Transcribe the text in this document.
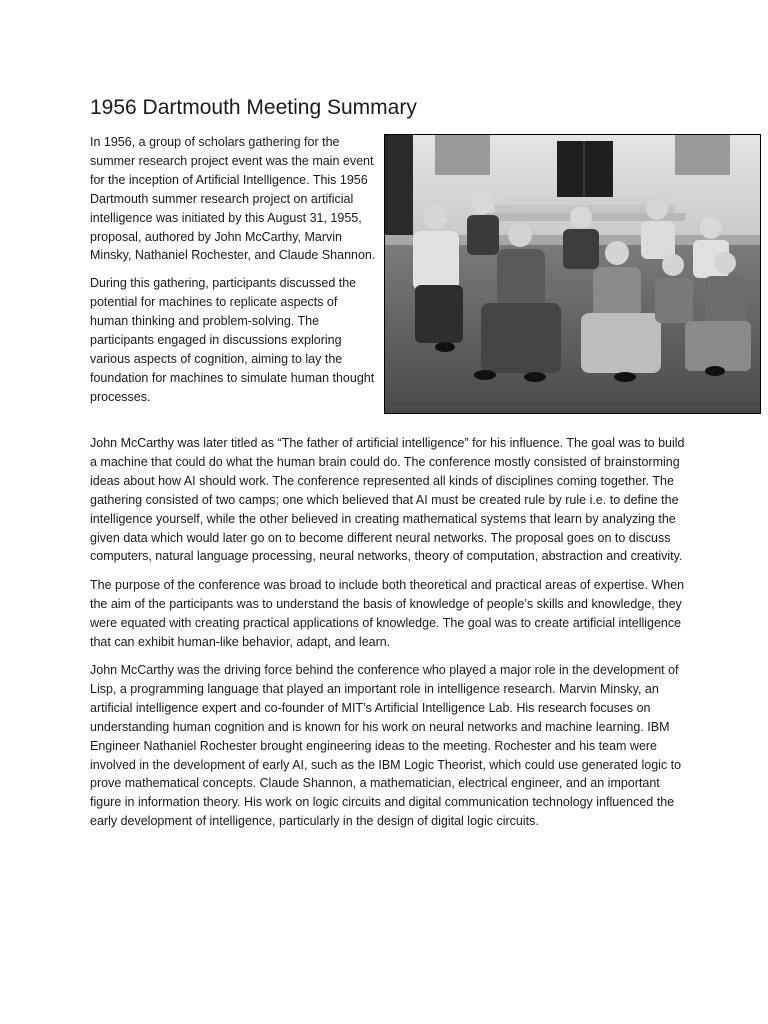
1956 Dartmouth Meeting Summary

In 1956, a group of scholars gathering for the summer research project event was the main event for the inception of Artificial Intelligence. This 1956 Dartmouth summer research project on artificial intelligence was initiated by this August 31, 1955, proposal, authored by John McCarthy, Marvin Minsky, Nathaniel Rochester, and Claude Shannon.

During this gathering, participants discussed the potential for machines to replicate aspects of human thinking and problem-solving. The participants engaged in discussions exploring various aspects of cognition, aiming to lay the foundation for machines to simulate human thought processes.

John McCarthy was later titled as “The father of artificial intelligence” for his influence. The goal was to build a machine that could do what the human brain could do. The conference mostly consisted of brainstorming ideas about how AI should work. The conference represented all kinds of disciplines coming together. The gathering consisted of two camps; one which believed that AI must be created rule by rule i.e. to define the intelligence yourself, while the other believed in creating mathematical systems that learn by analyzing the given data which would later go on to become different neural networks. The proposal goes on to discuss computers, natural language processing, neural networks, theory of computation, abstraction and creativity.

The purpose of the conference was broad to include both theoretical and practical areas of expertise. When the aim of the participants was to understand the basis of knowledge of people’s skills and knowledge, they were equated with creating practical applications of knowledge. The goal was to create artificial intelligence that can exhibit human-like behavior, adapt, and learn.

John McCarthy was the driving force behind the conference who played a major role in the development of Lisp, a programming language that played an important role in intelligence research. Marvin Minsky, an artificial intelligence expert and co-founder of MIT’s Artificial Intelligence Lab. His research focuses on understanding human cognition and is known for his work on neural networks and machine learning. IBM Engineer Nathaniel Rochester brought engineering ideas to the meeting. Rochester and his team were involved in the development of early AI, such as the IBM Logic Theorist, which could use generated logic to prove mathematical concepts. Claude Shannon, a mathematician, electrical engineer, and an important figure in information theory. His work on logic circuits and digital communication technology influenced the early development of intelligence, particularly in the design of digital logic circuits.
